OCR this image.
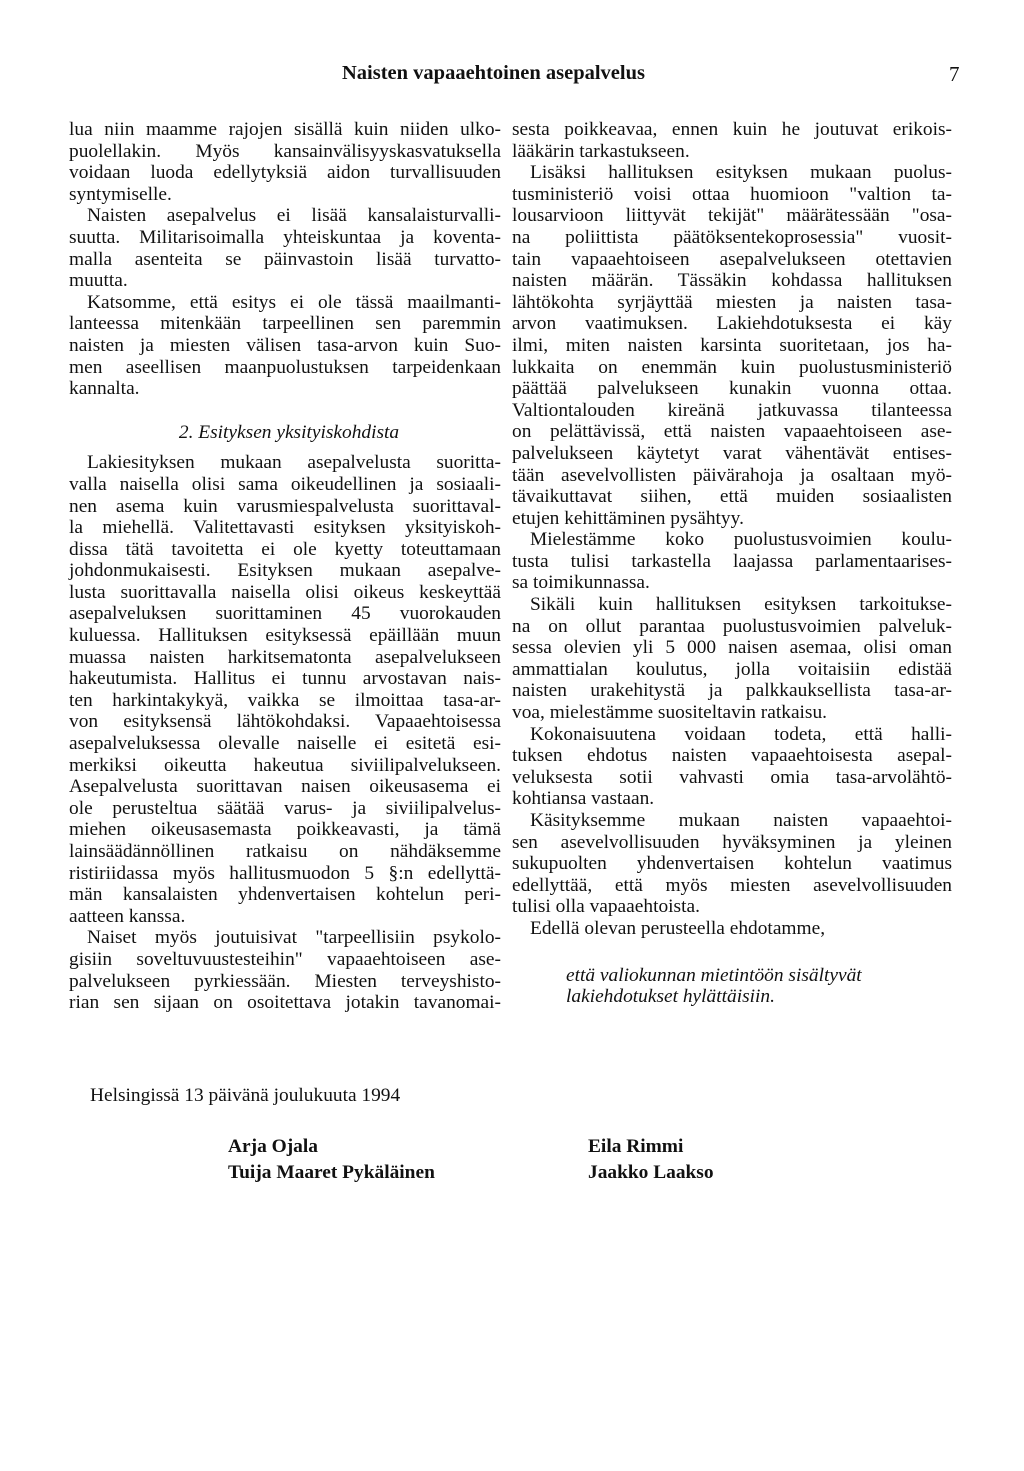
Naisten vapaaehtoinen asepalvelus	7
lua niin maamme rajojen sisällä kuin niiden ulko-
puolellakin. Myös kansainvälisyyskasvatuksella
voidaan luoda edellytyksiä aidon turvallisuuden
syntymiselle.
Naisten asepalvelus ei lisää kansalaisturvalli-
suutta. Militarisoimalla yhteiskuntaa ja koventa-
malla asenteita se päinvastoin lisää turvatto-
muutta.
Katsomme, että esitys ei ole tässä maailmanti-
lanteessa mitenkään tarpeellinen sen paremmin
naisten ja miesten välisen tasa-arvon kuin Suo-
men aseellisen maanpuolustuksen tarpeidenkaan
kannalta.
2. Esityksen yksityiskohdista
Lakiesityksen mukaan asepalvelusta suoritta-
valla naisella olisi sama oikeudellinen ja sosiaali-
nen asema kuin varusmiespalvelusta suorittaval-
la miehellä. Valitettavasti esityksen yksityiskoh-
dissa tätä tavoitetta ei ole kyetty toteuttamaan
johdonmukaisesti. Esityksen mukaan asepalve-
lusta suorittavalla naisella olisi oikeus keskeyttää
asepalveluksen suorittaminen 45 vuorokauden
kuluessa. Hallituksen esityksessä epäillään muun
muassa naisten harkitsematonta asepalvelukseen
hakeutumista. Hallitus ei tunnu arvostavan nais-
ten harkintakykyä, vaikka se ilmoittaa tasa-ar-
von esityksensä lähtökohdaksi. Vapaaehtoisessa
asepalveluksessa olevalle naiselle ei esitetä esi-
merkiksi oikeutta hakeutua siviilipalvelukseen.
Asepalvelusta suorittavan naisen oikeusasema ei
ole perusteltua säätää varus- ja siviilipalvelus-
miehen oikeusasemasta poikkeavasti, ja tämä
lainsäädännöllinen ratkaisu on nähdäksemme
ristiriidassa myös hallitusmuodon 5 §:n edellyttä-
män kansalaisten yhdenvertaisen kohtelun peri-
aatteen kanssa.
Naiset myös joutuisivat "tarpeellisiin psykolo-
gisiin soveltuvuustesteihin" vapaaehtoiseen ase-
palvelukseen pyrkiessään. Miesten terveyshisto-
rian sen sijaan on osoitettava jotakin tavanomai-
sesta poikkeavaa, ennen kuin he joutuvat erikois-
lääkärin tarkastukseen.
Lisäksi hallituksen esityksen mukaan puolus-
tusministeriö voisi ottaa huomioon "valtion ta-
lousarvioon liittyvät tekijät" määrätessään "osa-
na poliittista päätöksentekoprosessia" vuosit-
tain vapaaehtoiseen asepalvelukseen otettavien
naisten määrän. Tässäkin kohdassa hallituksen
lähtökohta syrjäyttää miesten ja naisten tasa-
arvon vaatimuksen. Lakiehdotuksesta ei käy
ilmi, miten naisten karsinta suoritetaan, jos ha-
lukkaita on enemmän kuin puolustusministeriö
päättää palvelukseen kunakin vuonna ottaa.
Valtiontalouden kireänä jatkuvassa tilanteessa
on pelättävissä, että naisten vapaaehtoiseen ase-
palvelukseen käytetyt varat vähentävät entises-
tään asevelvollisten päivärahoja ja osaltaan myö-
tävaikuttavat siihen, että muiden sosiaalisten
etujen kehittäminen pysähtyy.
Mielestämme koko puolustusvoimien koulu-
tusta tulisi tarkastella laajassa parlamentaarises-
sa toimikunnassa.
Sikäli kuin hallituksen esityksen tarkoitukse-
na on ollut parantaa puolustusvoimien palveluk-
sessa olevien yli 5 000 naisen asemaa, olisi oman
ammattialan koulutus, jolla voitaisiin edistää
naisten urakehitystä ja palkkauksellista tasa-ar-
voa, mielestämme suositeltavin ratkaisu.
Kokonaisuutena voidaan todeta, että halli-
tuksen ehdotus naisten vapaaehtoisesta asepal-
veluksesta sotii vahvasti omia tasa-arvolähtö-
kohtiansa vastaan.
Käsityksemme mukaan naisten vapaaehtoi-
sen asevelvollisuuden hyväksyminen ja yleinen
sukupuolten yhdenvertaisen kohtelun vaatimus
edellyttää, että myös miesten asevelvollisuuden
tulisi olla vapaaehtoista.
Edellä olevan perusteella ehdotamme,
että valiokunnan mietintöön sisältyvät
lakiehdotukset hylättäisiin.
Helsingissä 13 päivänä joulukuuta 1994
Arja Ojala
Tuija Maaret Pykäläinen
Eila Rimmi
Jaakko Laakso
